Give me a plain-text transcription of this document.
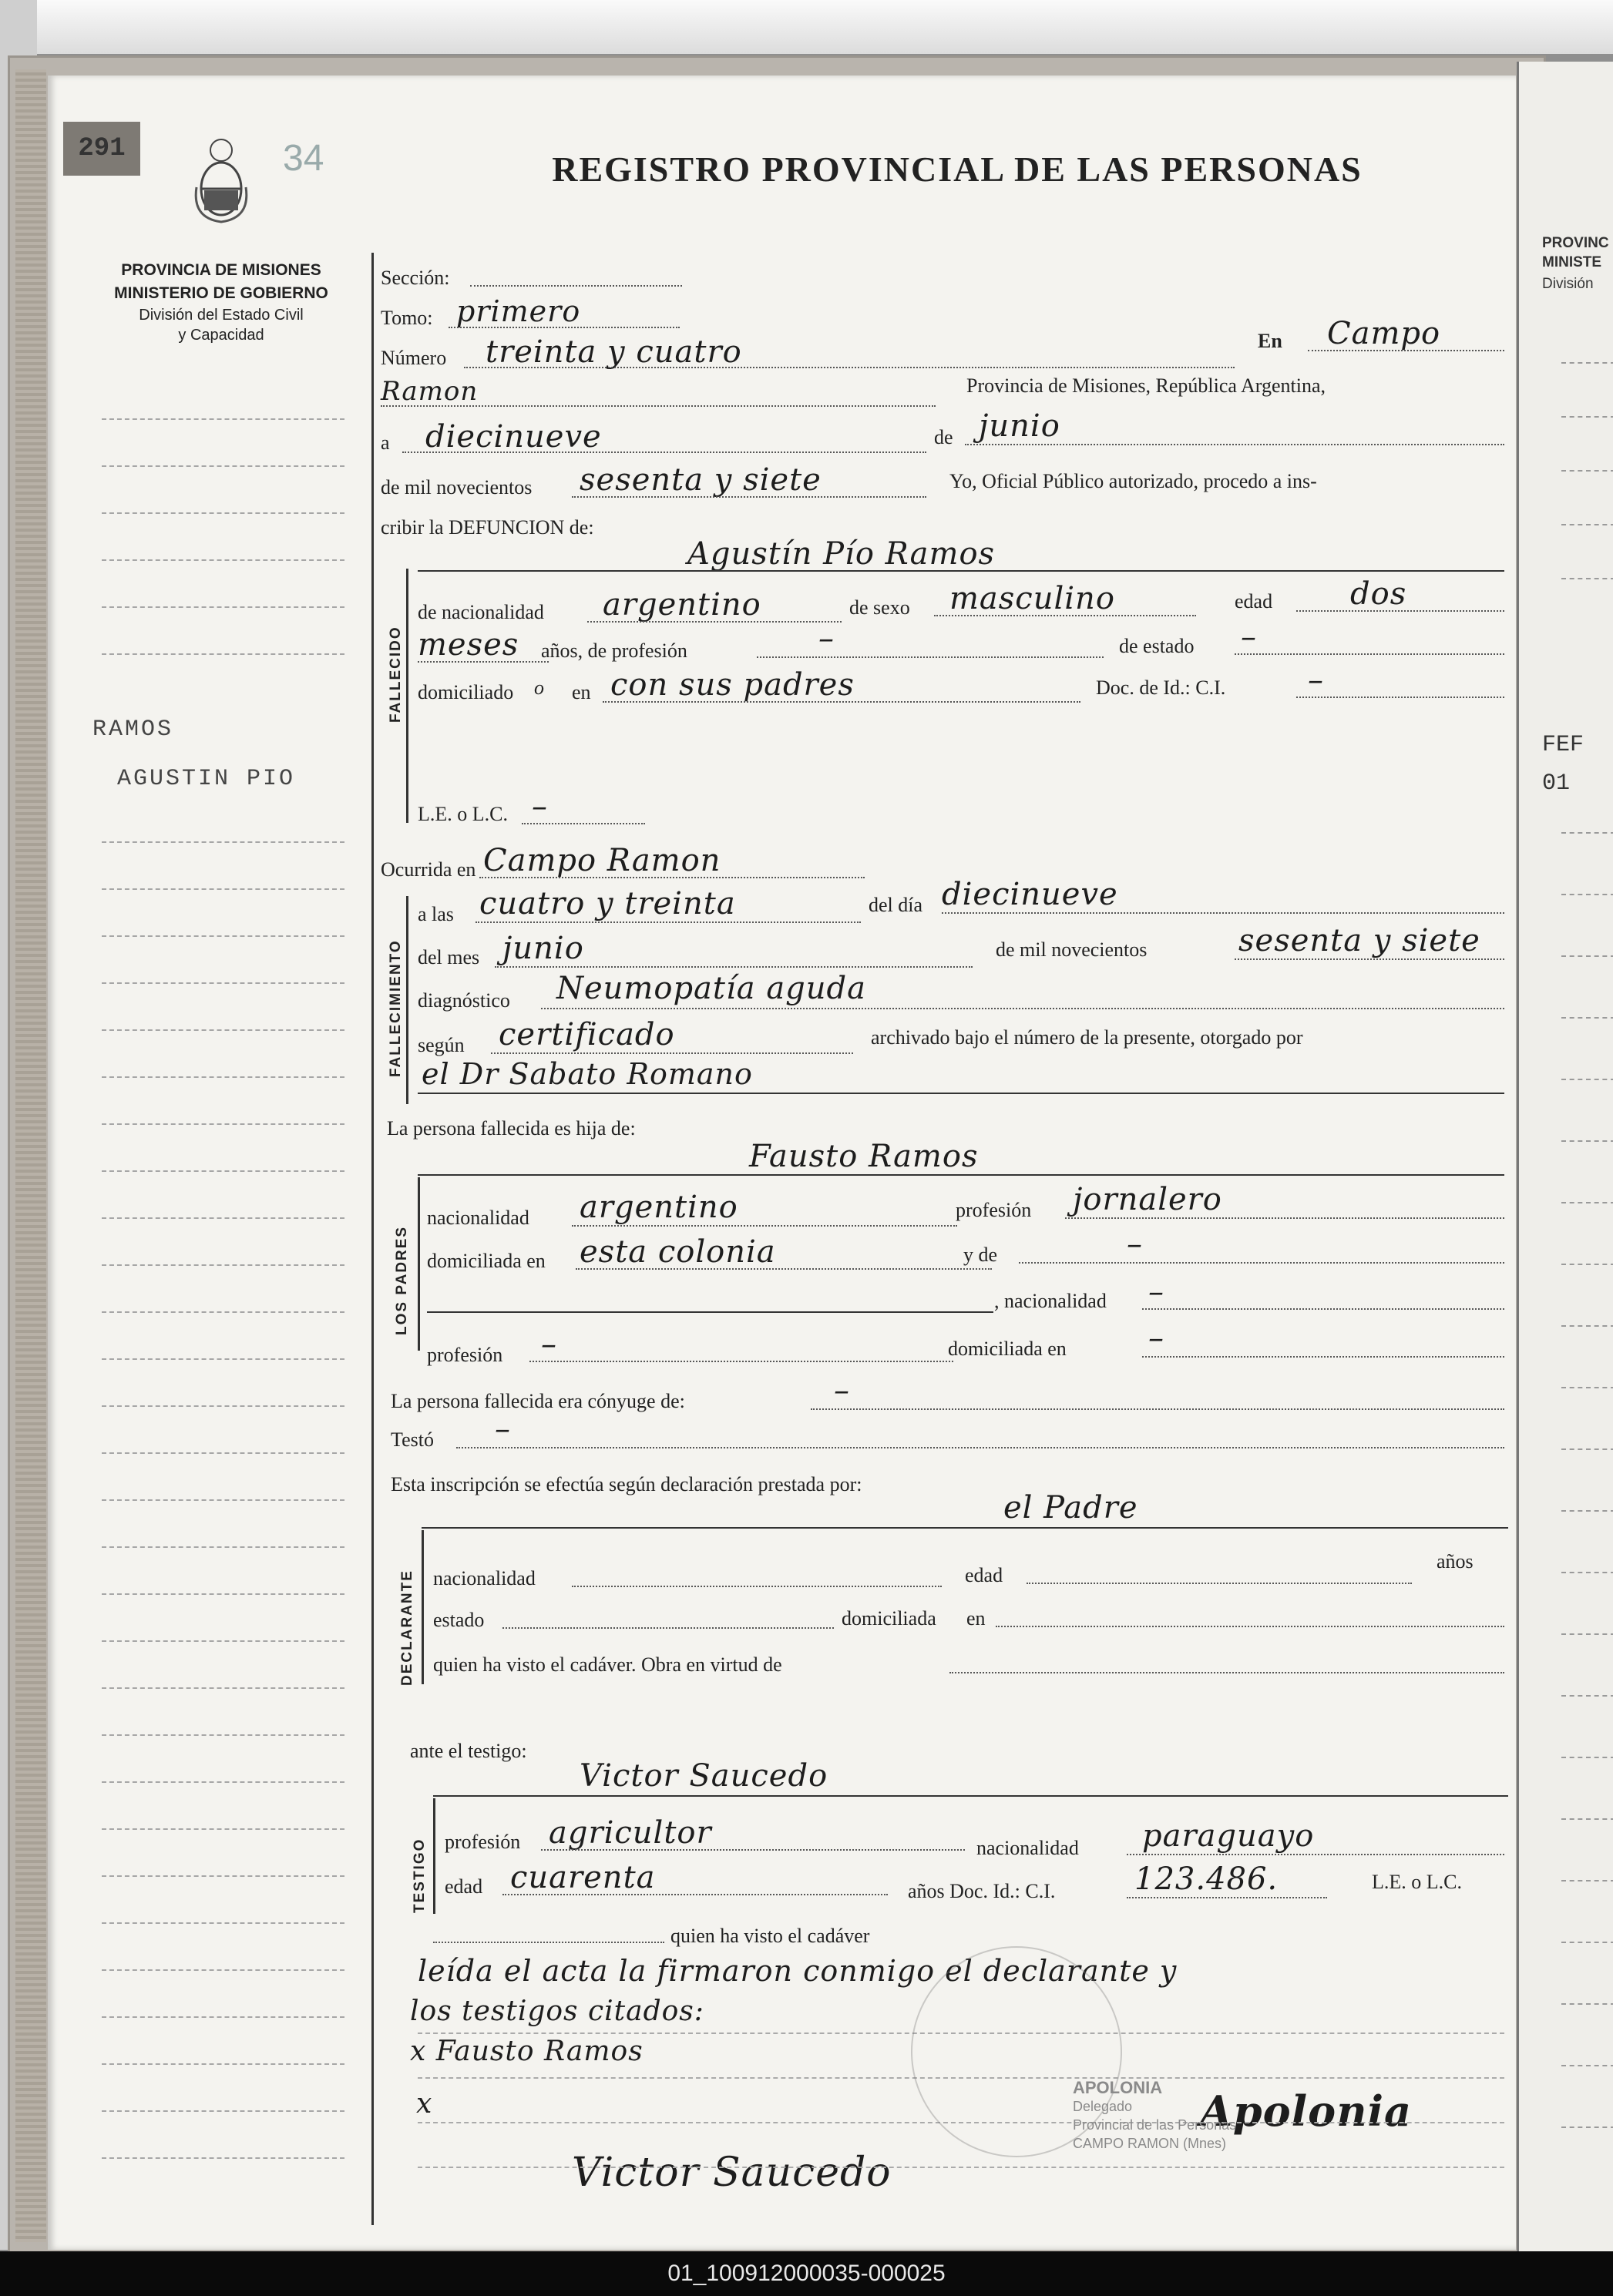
PROVINC
MINISTE
División
FEF
01
291	34	REGISTRO PROVINCIAL DE LAS PERSONAS
PROVINCIA DE MISIONES
MINISTERIO DE GOBIERNO
División del Estado Civil
y Capacidad
RAMOS
AGUSTIN PIO
Sección:
Tomo: primero
Número treinta y cuatro	En Campo
Ramon	Provincia de Misiones, República Argentina,
a diecinueve	de junio
de mil novecientos sesenta y siete	Yo, Oficial Público autorizado, procedo a ins-
cribir la DEFUNCION de:
FALLECIDO
Agustín Pío Ramos
de nacionalidad argentino	de sexo masculino	edad	dos
meses años, de profesión	–	de estado –
domiciliado o en con sus padres	Doc. de Id.: C.I.	–
L.E. o L.C. –
Ocurrida en Campo Ramon
FALLECIMIENTO
a las cuatro y treinta	del día diecinueve
del mes junio	de mil novecientos	sesenta y siete
diagnóstico Neumopatía aguda
según certificado	archivado bajo el número de la presente, otorgado por
el Dr Sabato Romano
La persona fallecida es hija de:
Fausto Ramos
LOS PADRES
nacionalidad argentino	profesión jornalero
domiciliada en esta colonia	y de	–
, nacionalidad –
profesión –	domiciliada en	–
La persona fallecida era cónyuge de:	–
Testó –
Esta inscripción se efectúa según declaración prestada por:
el Padre
DECLARANTE nacionalidad	edad
años
estado	domiciliada en
quien ha visto el cadáver. Obra en virtud de
ante el testigo:
Victor Saucedo
TESTIGO profesión agricultor	nacionalidad paraguayo
edad cuarenta	años Doc. Id.: C.I.	123.486.	L.E. o L.C.
quien ha visto el cadáver
leída el acta la firmaron conmigo el declarante y
los testigos citados:
x Fausto Ramos
x
Victor Saucedo
Apolonia
APOLONIA
Delegado
Provincial de las Personas
CAMPO RAMON (Mnes)
01_100912000035-000025
